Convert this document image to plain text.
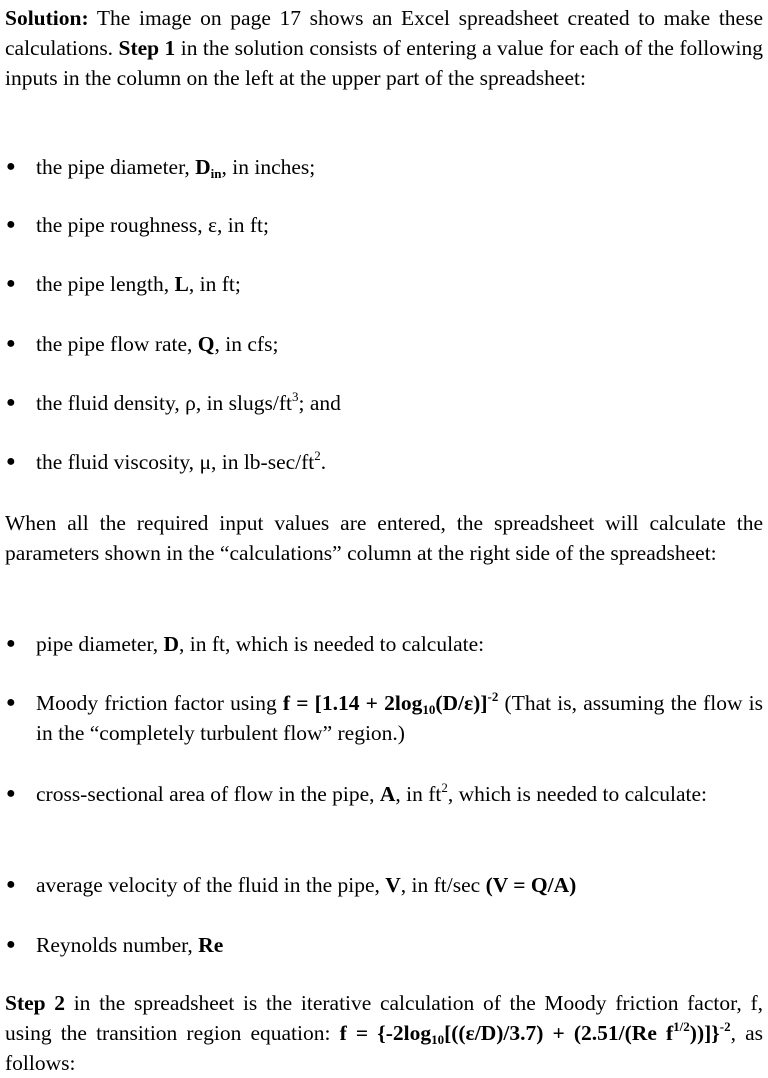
Solution: The image on page 17 shows an Excel spreadsheet created to make these calculations. Step 1 in the solution consists of entering a value for each of the following inputs in the column on the left at the upper part of the spreadsheet:
● the pipe diameter, $D_{in}$, in inches;
● the pipe roughness, ε, in ft;
● the pipe length, L, in ft;
● the pipe flow rate, Q, in cfs;
● the fluid density, ρ, in slugs/$ft^3$; and
● the fluid viscosity, μ, in $lb-\sec/ft^2$.
When all the required input values are entered, the spreadsheet will calculate the parameters shown in the “calculations” column at the right side of the spreadsheet:
● pipe diameter, D, in ft, which is needed to calculate:
● Moody friction factor using $f = [1.14 + 2\log_{10}(D/\varepsilon)]^{-2}$ (That is, assuming the flow is in the “completely turbulent flow” region.)
● cross-sectional area of flow in the pipe, A, in $ft^2$, which is needed to calculate:
● average velocity of the fluid in the pipe, V, in ft/sec (V = Q/A)
● Reynolds number, Re
Step 2 in the spreadsheet is the iterative calculation of the Moody friction factor, f, using the transition region equation: $f = \{-2\log_{10}[((\varepsilon/D)/3.7) + (2.51/(Re$ $f^{1/2}))]\}^{-2}$, as follows:
